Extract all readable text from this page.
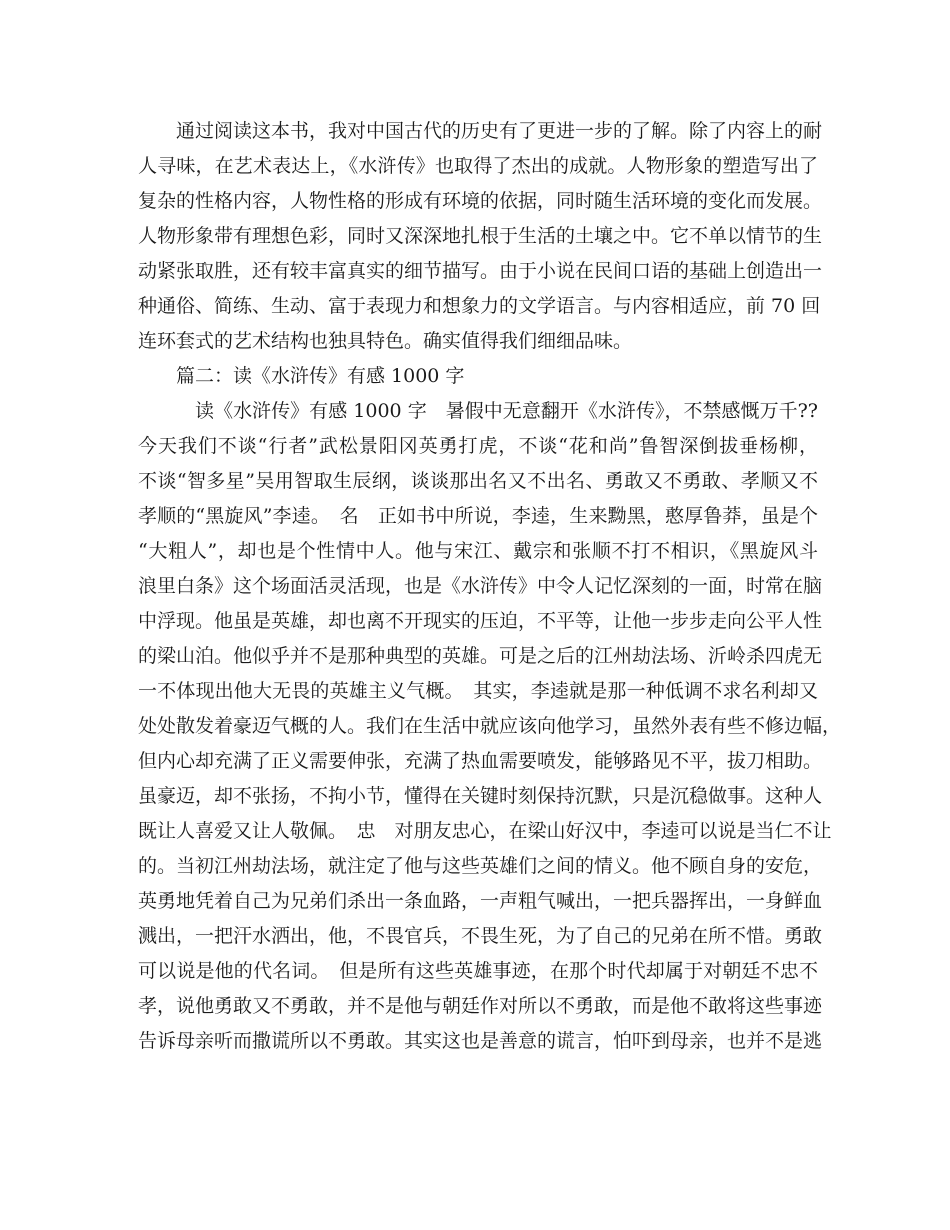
　　通过阅读这本书，我对中国古代的历史有了更进一步的了解。除了内容上的耐
人寻味，在艺术表达上，《水浒传》也取得了杰出的成就。人物形象的塑造写出了
复杂的性格内容，人物性格的形成有环境的依据，同时随生活环境的变化而发展。
人物形象带有理想色彩，同时又深深地扎根于生活的土壤之中。它不单以情节的生
动紧张取胜，还有较丰富真实的细节描写。由于小说在民间口语的基础上创造出一
种通俗、简练、生动、富于表现力和想象力的文学语言。与内容相适应，前 70 回
连环套式的艺术结构也独具特色。确实值得我们细细品味。
　　篇二：读《水浒传》有感 1000 字
　　　读《水浒传》有感 1000 字　暑假中无意翻开《水浒传》，不禁感慨万千??
今天我们不谈“行者”武松景阳冈英勇打虎，不谈“花和尚”鲁智深倒拔垂杨柳，
不谈“智多星”吴用智取生辰纲，谈谈那出名又不出名、勇敢又不勇敢、孝顺又不
孝顺的“黑旋风”李逵。　名　正如书中所说，李逵，生来黝黑，憨厚鲁莽，虽是个
“大粗人”，却也是个性情中人。他与宋江、戴宗和张顺不打不相识，《黑旋风斗
浪里白条》这个场面活灵活现，也是《水浒传》中令人记忆深刻的一面，时常在脑
中浮现。他虽是英雄，却也离不开现实的压迫，不平等，让他一步步走向公平人性
的梁山泊。他似乎并不是那种典型的英雄。可是之后的江州劫法场、沂岭杀四虎无
一不体现出他大无畏的英雄主义气概。　其实，李逵就是那一种低调不求名利却又
处处散发着豪迈气概的人。我们在生活中就应该向他学习，虽然外表有些不修边幅，
但内心却充满了正义需要伸张，充满了热血需要喷发，能够路见不平，拔刀相助。
虽豪迈，却不张扬，不拘小节，懂得在关键时刻保持沉默，只是沉稳做事。这种人
既让人喜爱又让人敬佩。　忠　对朋友忠心，在梁山好汉中，李逵可以说是当仁不让
的。当初江州劫法场，就注定了他与这些英雄们之间的情义。他不顾自身的安危，
英勇地凭着自己为兄弟们杀出一条血路，一声粗气喊出，一把兵器挥出，一身鲜血
溅出，一把汗水洒出，他，不畏官兵，不畏生死，为了自己的兄弟在所不惜。勇敢
可以说是他的代名词。　但是所有这些英雄事迹，在那个时代却属于对朝廷不忠不
孝，说他勇敢又不勇敢，并不是他与朝廷作对所以不勇敢，而是他不敢将这些事迹
告诉母亲听而撒谎所以不勇敢。其实这也是善意的谎言，怕吓到母亲，也并不是逃
